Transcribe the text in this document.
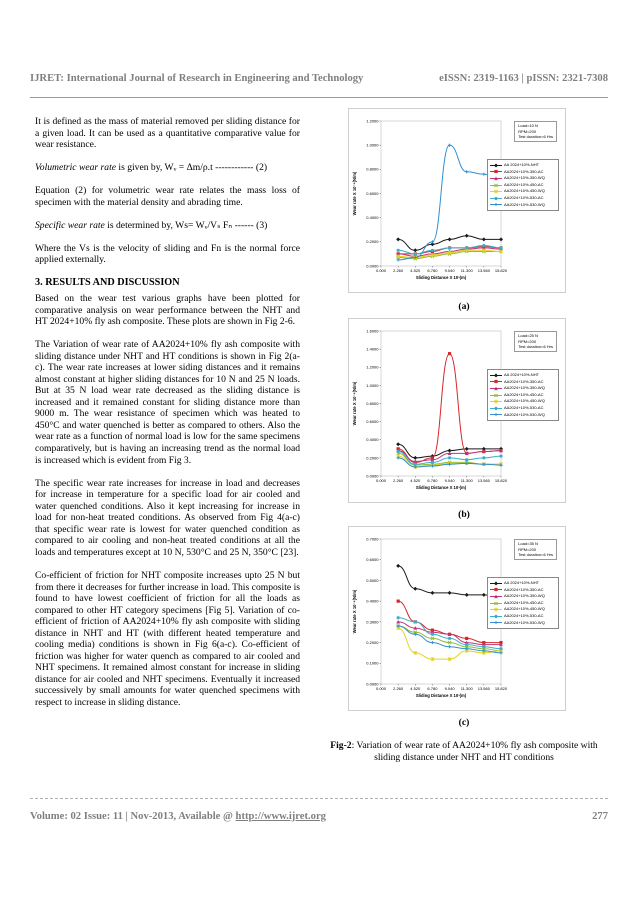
IJRET: International Journal of Research in Engineering and Technology	eISSN: 2319-1163 | pISSN: 2321-7308

It is defined as the mass of material removed per sliding distance for a given load. It can be used as a quantitative comparative value for wear resistance.

Volumetric wear rate is given by, Wᵥ = Δm/ρ.t ------------ (2)

Equation (2) for volumetric wear rate relates the mass loss of specimen with the material density and abrading time.

Specific wear rate is determined by, Ws= Wᵥ/Vₛ Fₙ ------ (3)

Where the Vs is the velocity of sliding and Fn is the normal force applied externally.

3. RESULTS AND DISCUSSION

Based on the wear test various graphs have been plotted for comparative analysis on wear performance between the NHT and HT 2024+10% fly ash composite. These plots are shown in Fig 2-6.

The Variation of wear rate of AA2024+10% fly ash composite with sliding distance under NHT and HT conditions is shown in Fig 2(a-c). The wear rate increases at lower siding distances and it remains almost constant at higher sliding distances for 10 N and 25 N loads. But at 35 N load wear rate decreased as the sliding distance is increased and it remained constant for sliding distance more than 9000 m. The wear resistance of specimen which was heated to 450°C and water quenched is better as compared to others. Also the wear rate as a function of normal load is low for the same specimens comparatively, but is having an increasing trend as the normal load is increased which is evident from Fig 3.

The specific wear rate increases for increase in load and decreases for increase in temperature for a specific load for air cooled and water quenched conditions. Also it kept increasing for increase in load for non-heat treated conditions. As observed from Fig 4(a-c) that specific wear rate is lowest for water quenched condition as compared to air cooling and non-heat treated conditions at all the loads and temperatures except at 10 N, 530°C and 25 N, 350°C [23].

Co-efficient of friction for NHT composite increases upto 25 N but from there it decreases for further increase in load. This composite is found to have lowest coefficient of friction for all the loads as compared to other HT category specimens [Fig 5]. Variation of co-efficient of friction of AA2024+10% fly ash composite with sliding distance in NHT and HT (with different heated temperature and cooling media) conditions is shown in Fig 6(a-c). Co-efficient of friction was higher for water quench as compared to air cooled and NHT specimens. It remained almost constant for increase in sliding distance for air cooled and NHT specimens. Eventually it increased successively by small amounts for water quenched specimens with respect to increase in sliding distance.

0.0000
0.2000
0.4000
0.6000
0.8000
1.0000
1.2000
0.000 2.260 4.520 6.780 9.040 11.300 13.560 15.820
Sliding Distance X 10³(m)
Wear rate X 10⁻⁶(N/m)
Load=10 N
RPM=200
Test duration=6 Hrs
AA 2024+10%-NHT
AA2024+10%-350-AC
AA2024+10%-350-WQ
AA2024+10%-450-AC
AA2024+10%-450-WQ
AA2024+10%-530-AC
AA2024+10%-530-WQ

(a)

0.0000
0.2000
0.4000
0.6000
0.8000
1.0000
1.2000
1.4000
1.6000
0.000 2.260 4.520 6.780 9.040 11.300 13.560 15.820
Sliding Distance X 10³(m)
Wear rate X 10⁻⁶(N/m)
Load=25 N
RPM=200
Test duration=6 Hrs
AA 2024+10%-NHT
AA2024+10%-350-AC
AA2024+10%-350-WQ
AA2024+10%-450-AC
AA2024+10%-450-WQ
AA2024+10%-530-AC
AA2024+10%-530-WQ

(b)

0.0000
0.1000
0.2000
0.3000
0.4000
0.5000
0.6000
0.7000
0.000 2.260 4.520 6.780 9.040 11.300 13.560 15.820
Sliding Distance X 10³(m)
Wear rate X 10⁻⁶(N/m)
Load=35 N
RPM=200
Test duration=6 Hrs
AA 2024+10%-NHT
AA2024+10%-350-AC
AA2024+10%-350-WQ
AA2024+10%-450-AC
AA2024+10%-450-WQ
AA2024+10%-530-AC
AA2024+10%-530-WQ

(c)

Fig-2: Variation of wear rate of AA2024+10% fly ash composite with sliding distance under NHT and HT conditions
Volume: 02 Issue: 11 | Nov-2013, Available @ http://www.ijret.org	277
